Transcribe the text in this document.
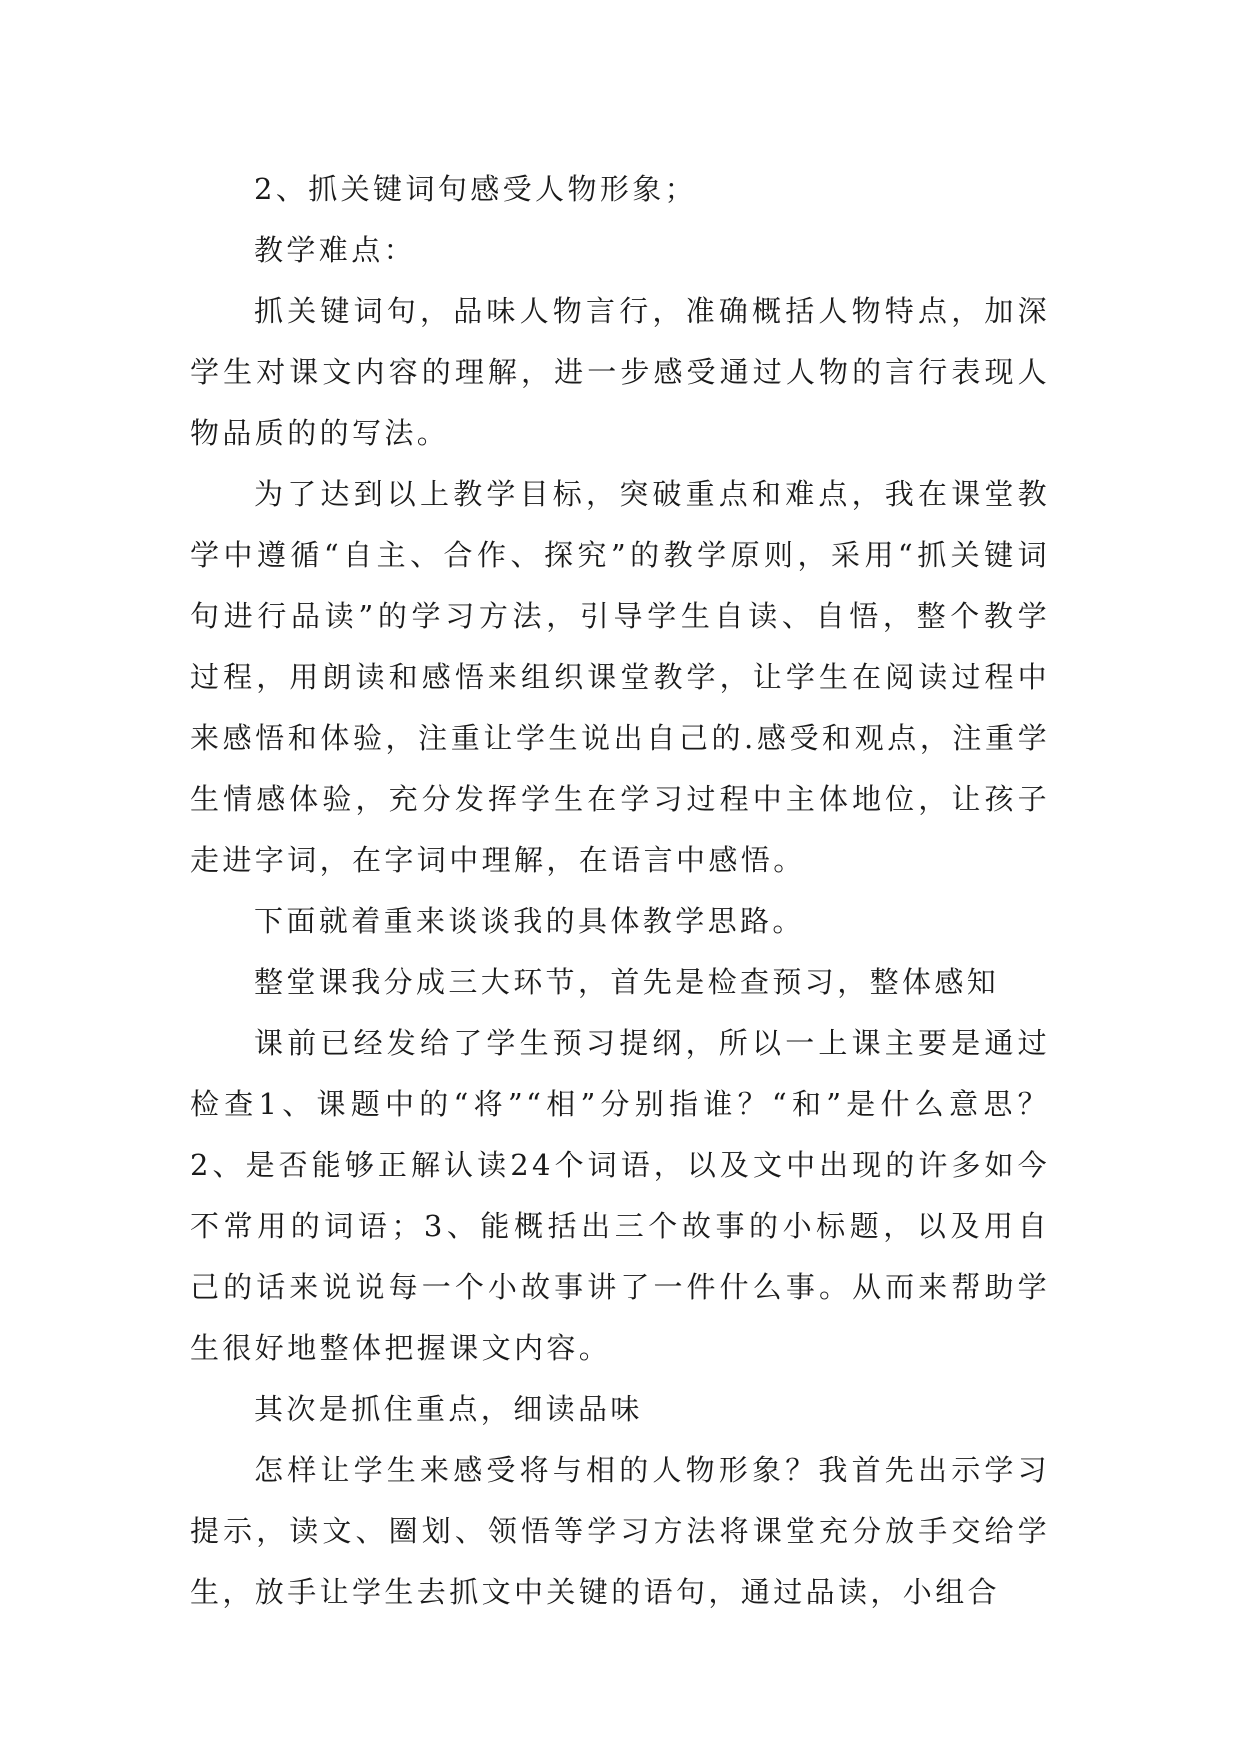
2、抓关键词句感受人物形象；

教学难点：

抓关键词句，品味人物言行，准确概括人物特点，加深学生对课文内容的理解，进一步感受通过人物的言行表现人物品质的的写法。

为了达到以上教学目标，突破重点和难点，我在课堂教学中遵循“自主、合作、探究”的教学原则，采用“抓关键词句进行品读”的学习方法，引导学生自读、自悟，整个教学过程，用朗读和感悟来组织课堂教学，让学生在阅读过程中来感悟和体验，注重让学生说出自己的.感受和观点，注重学生情感体验，充分发挥学生在学习过程中主体地位，让孩子走进字词，在字词中理解，在语言中感悟。

下面就着重来谈谈我的具体教学思路。

整堂课我分成三大环节，首先是检查预习，整体感知

课前已经发给了学生预习提纲，所以一上课主要是通过检查1、课题中的“将”“相”分别指谁？“和”是什么意思？2、是否能够正解认读24个词语，以及文中出现的许多如今不常用的词语；3、能概括出三个故事的小标题，以及用自己的话来说说每一个小故事讲了一件什么事。从而来帮助学生很好地整体把握课文内容。

其次是抓住重点，细读品味

怎样让学生来感受将与相的人物形象？我首先出示学习提示，读文、圈划、领悟等学习方法将课堂充分放手交给学生，放手让学生去抓文中关键的语句，通过品读，小组合
